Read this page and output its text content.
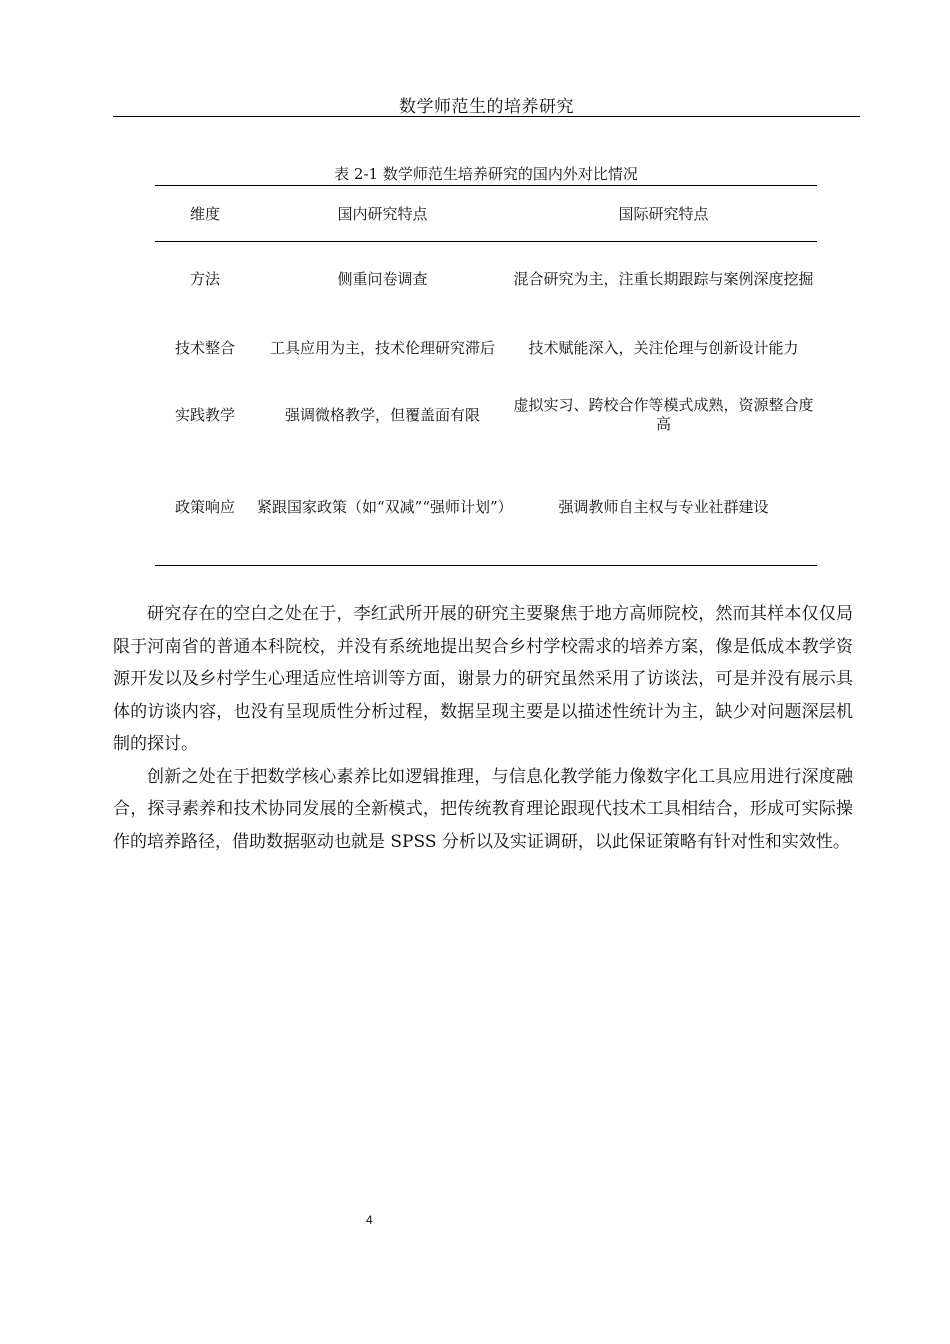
数学师范生的培养研究
表 2-1 数学师范生培养研究的国内外对比情况
维度	国内研究特点	国际研究特点
方法	侧重问卷调查	混合研究为主，注重长期跟踪与案例深度挖掘
技术整合	工具应用为主，技术伦理研究滞后	技术赋能深入，关注伦理与创新设计能力
实践教学	强调微格教学，但覆盖面有限	虚拟实习、跨校合作等模式成熟，资源整合度高
政策响应	紧跟国家政策（如“双减”“强师计划”）	强调教师自主权与专业社群建设

研究存在的空白之处在于，李红武所开展的研究主要聚焦于地方高师院校，然而其样本仅仅局限于河南省的普通本科院校，并没有系统地提出契合乡村学校需求的培养方案，像是低成本教学资源开发以及乡村学生心理适应性培训等方面，谢景力的研究虽然采用了访谈法，可是并没有展示具体的访谈内容，也没有呈现质性分析过程，数据呈现主要是以描述性统计为主，缺少对问题深层机制的探讨。

创新之处在于把数学核心素养比如逻辑推理，与信息化教学能力像数字化工具应用进行深度融合，探寻素养和技术协同发展的全新模式，把传统教育理论跟现代技术工具相结合，形成可实际操作的培养路径，借助数据驱动也就是 SPSS 分析以及实证调研，以此保证策略有针对性和实效性。

4
